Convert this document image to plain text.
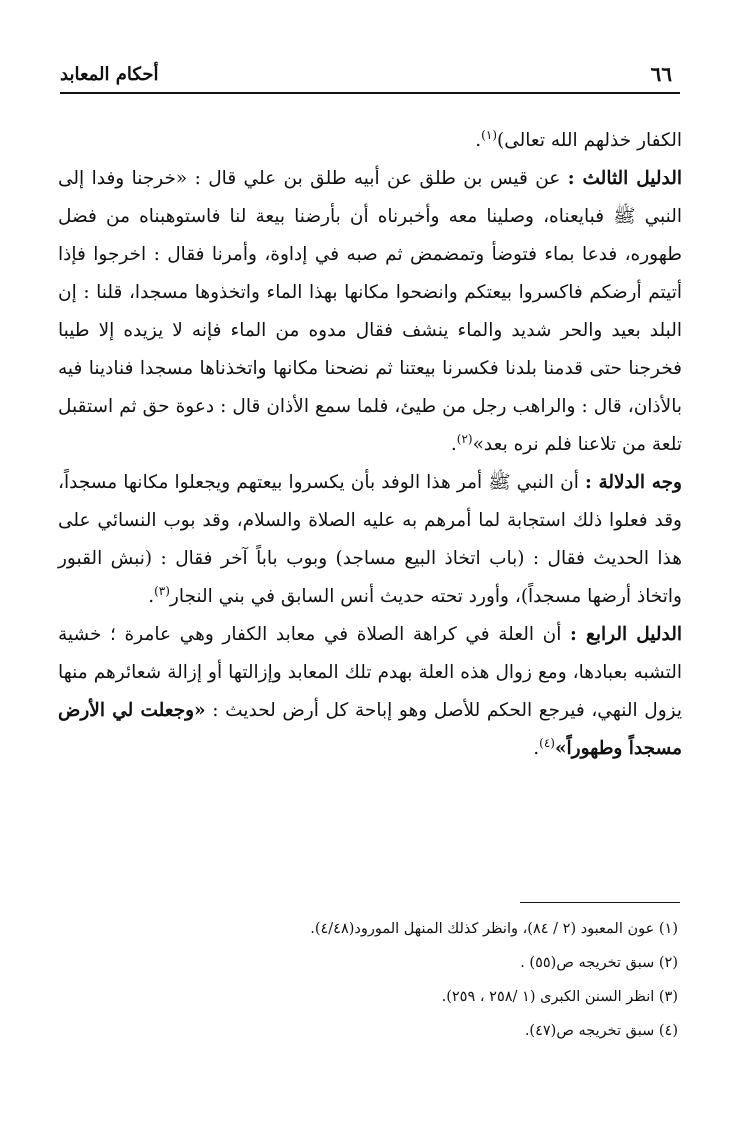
أحكام المعابد	٦٦

الكفار خذلهم الله تعالى)$^{(١)}$.

الدليل الثالث : عن قيس بن طلق عن أبيه طلق بن علي قال : «خرجنا وفدا إلى النبي ﷺ فبايعناه، وصلينا معه وأخبرناه أن بأرضنا بيعة لنا فاستوهبناه من فضل طهوره، فدعا بماء فتوضأ وتمضمض ثم صبه في إداوة، وأمرنا فقال : اخرجوا فإذا أتيتم أرضكم فاكسروا بيعتكم وانضحوا مكانها بهذا الماء واتخذوها مسجدا، قلنا : إن البلد بعيد والحر شديد والماء ينشف فقال مدوه من الماء فإنه لا يزيده إلا طيبا فخرجنا حتى قدمنا بلدنا فكسرنا بيعتنا ثم نضحنا مكانها واتخذناها مسجدا فنادينا فيه بالأذان، قال : والراهب رجل من طيئ، فلما سمع الأذان قال : دعوة حق ثم استقبل تلعة من تلاعنا فلم نره بعد»$^{(٢)}$.

وجه الدلالة : أن النبي ﷺ أمر هذا الوفد بأن يكسروا بيعتهم ويجعلوا مكانها مسجداً، وقد فعلوا ذلك استجابة لما أمرهم به عليه الصلاة والسلام، وقد بوب النسائي على هذا الحديث فقال : (باب اتخاذ البيع مساجد) وبوب باباً آخر فقال : (نبش القبور واتخاذ أرضها مسجداً)، وأورد تحته حديث أنس السابق في بني النجار$^{(٣)}$.

الدليل الرابع : أن العلة في كراهة الصلاة في معابد الكفار وهي عامرة ؛ خشية التشبه بعبادها، ومع زوال هذه العلة بهدم تلك المعابد وإزالتها أو إزالة شعائرهم منها يزول النهي، فيرجع الحكم للأصل وهو إباحة كل أرض لحديث : «وجعلت لي الأرض مسجداً وطهوراً»$^{(٤)}$.

(١) عون المعبود (٢ / ٨٤)، وانظر كذلك المنهل المورود(٤/٤٨).
(٢) سبق تخريجه ص(٥٥) .
(٣) انظر السنن الكبرى (١ /٢٥٨ ، ٢٥٩).
(٤) سبق تخريجه ص(٤٧).
